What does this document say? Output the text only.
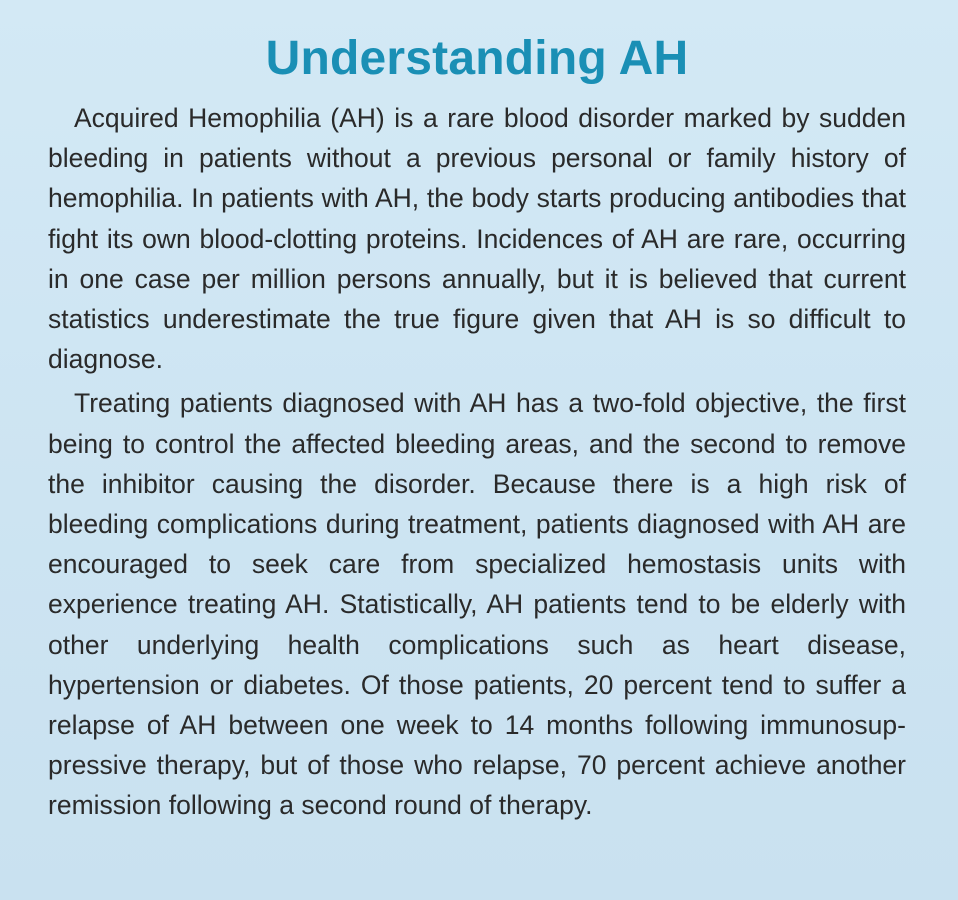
Understanding AH

Acquired Hemophilia (AH) is a rare blood disorder marked by sudden bleeding in patients without a previous personal or family history of hemophilia. In patients with AH, the body starts producing antibodies that fight its own blood-clotting proteins. Incidences of AH are rare, occurring in one case per million persons annually, but it is believed that current statistics underestimate the true figure given that AH is so difficult to diagnose.

Treating patients diagnosed with AH has a two-fold objective, the first being to control the affected bleeding areas, and the second to remove the inhibitor causing the disorder. Because there is a high risk of bleeding complications during treatment, patients diagnosed with AH are encouraged to seek care from specialized hemostasis units with experience treating AH. Statistically, AH patients tend to be elderly with other underlying health complications such as heart disease, hypertension or diabetes. Of those patients, 20 percent tend to suffer a relapse of AH between one week to 14 months following immunosuppressive therapy, but of those who relapse, 70 percent achieve another remission following a second round of therapy.
